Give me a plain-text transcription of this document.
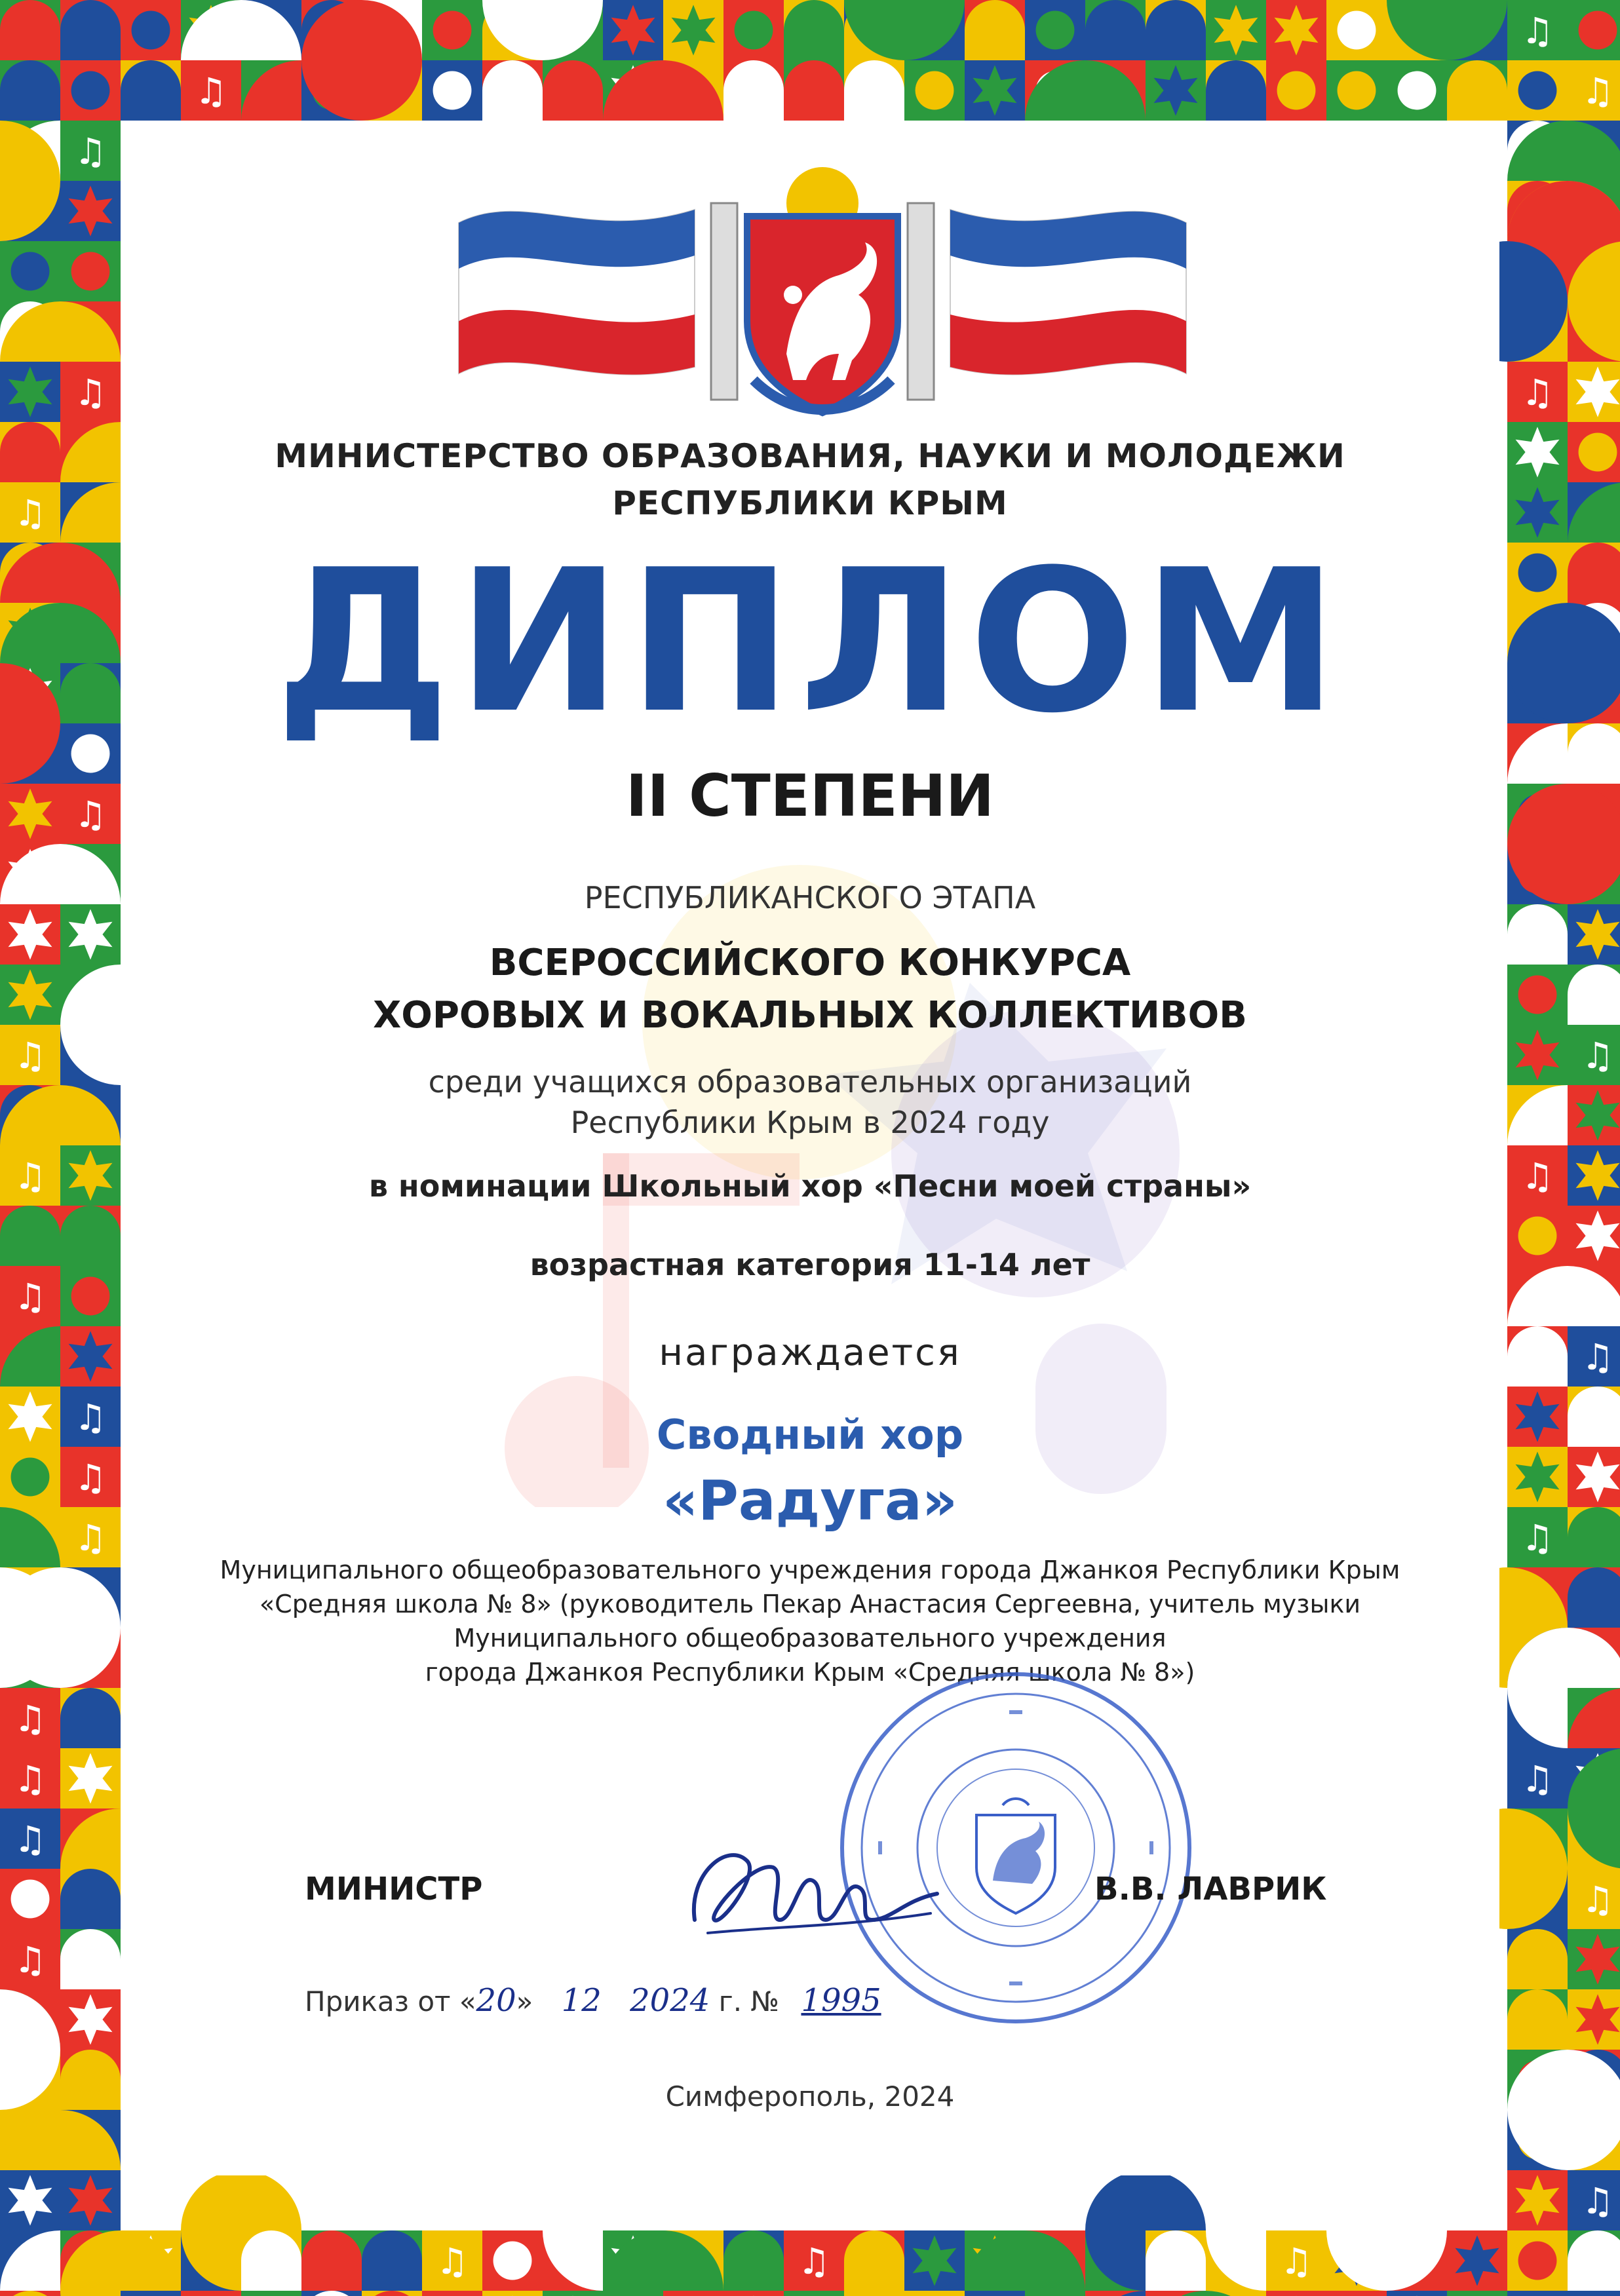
♫
♫	♫
♫
♫	♫
♫
♫
♫	♫
♫	♫
♫
♫
♫
♫
♫	♫
♫
♫	♫
♫
♫
♫
♫
♫	♫	♫
МИНИСТЕРСТВО ОБРАЗОВАНИЯ, НАУКИ И МОЛОДЕЖИ
РЕСПУБЛИКИ КРЫМ
ДИПЛОМ
II СТЕПЕНИ
РЕСПУБЛИКАНСКОГО ЭТАПА
ВСЕРОССИЙСКОГО КОНКУРСА
ХОРОВЫХ И ВОКАЛЬНЫХ КОЛЛЕКТИВОВ
среди учащихся образовательных организаций
Республики Крым в 2024 году
в номинации Школьный хор «Песни моей страны»
возрастная категория 11-14 лет
награждается
Сводный хор
«Радуга»
Муниципального общеобразовательного учреждения города Джанкоя Республики Крым
«Средняя школа № 8» (руководитель Пекар Анастасия Сергеевна, учитель музыки
Муниципального общеобразовательного учреждения
города Джанкоя Республики Крым «Средняя школа № 8»)
МИНИСТР	В.В. ЛАВРИК
Приказ от «20» 12 2024 г. № 1995
Симферополь, 2024
